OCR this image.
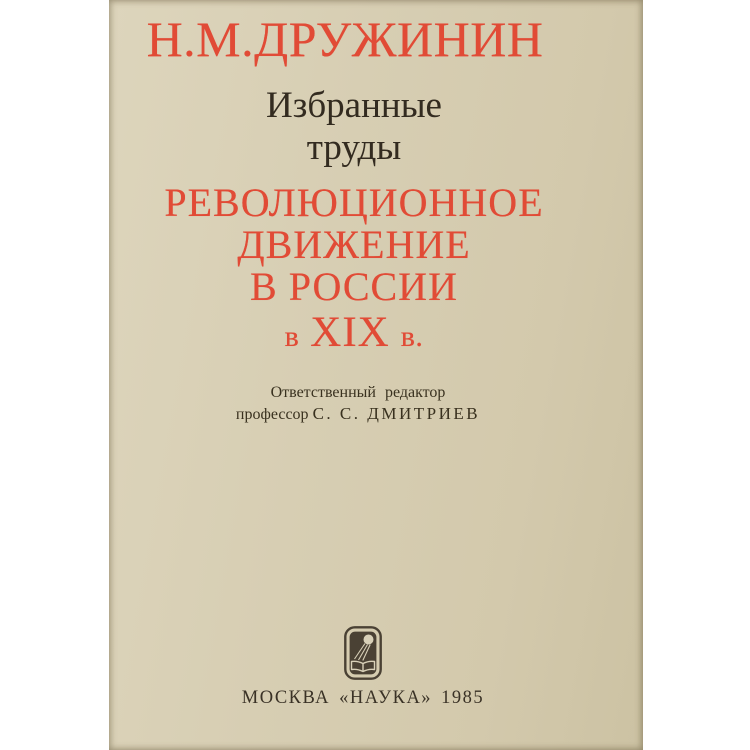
Н.М.ДРУЖИНИН
Избранные
труды
РЕВОЛЮЦИОННОЕ
ДВИЖЕНИЕ
В РОССИИ
в XIX в.
Ответственный редактор
профессор С. С. ДМИТРИЕВ
МОСКВА «НАУКА» 1985
